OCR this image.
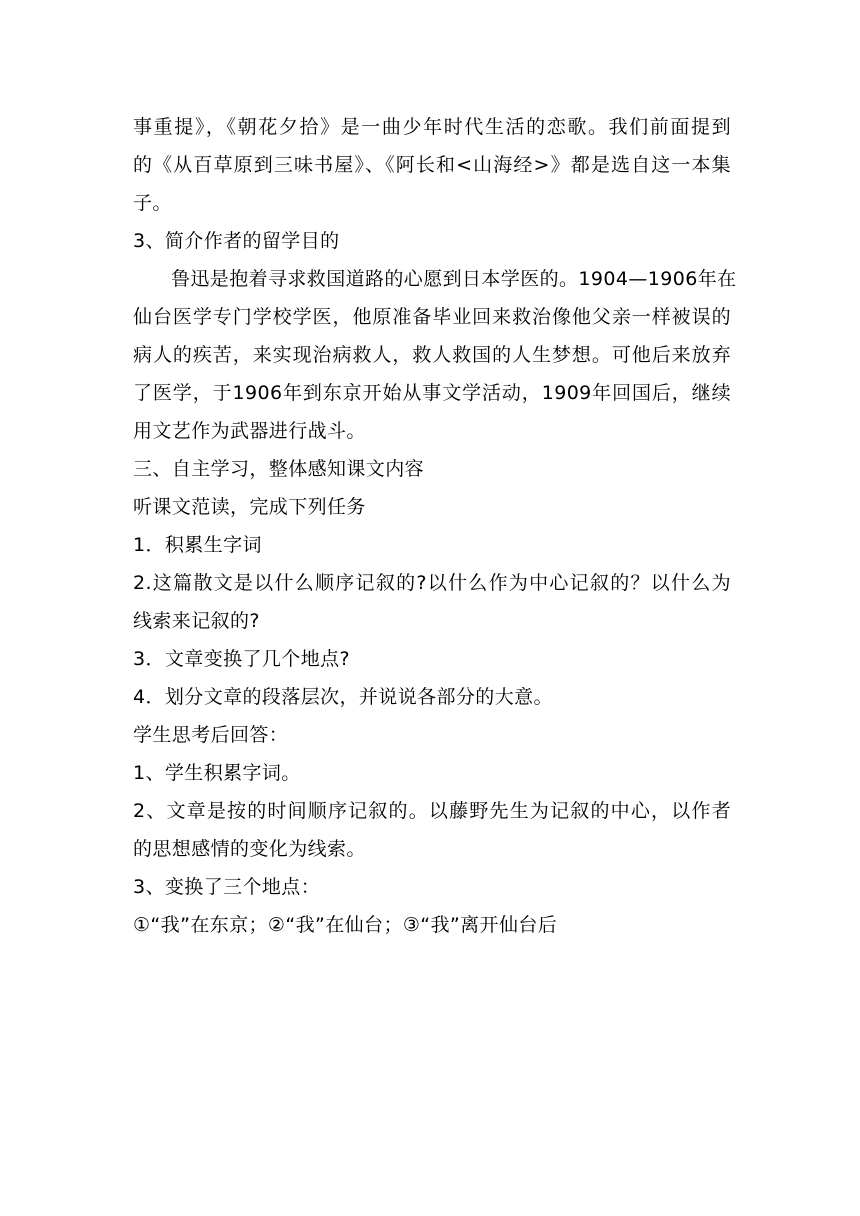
事重提》，《朝花夕拾》是一曲少年时代生活的恋歌。我们前面提到
的《从百草原到三味书屋》、《阿长和<山海经>》都是选自这一本集
子。
3、简介作者的留学目的
鲁迅是抱着寻求救国道路的心愿到日本学医的。1904—1906年在
仙台医学专门学校学医，他原准备毕业回来救治像他父亲一样被误的
病人的疾苦，来实现治病救人，救人救国的人生梦想。可他后来放弃
了医学，于1906年到东京开始从事文学活动，1909年回国后，继续
用文艺作为武器进行战斗。
三、自主学习，整体感知课文内容
听课文范读，完成下列任务
1．积累生字词
2.这篇散文是以什么顺序记叙的?以什么作为中心记叙的？以什么为
线索来记叙的?
3．文章变换了几个地点?
4．划分文章的段落层次，并说说各部分的大意。
学生思考后回答：
1、学生积累字词。
2、文章是按的时间顺序记叙的。以藤野先生为记叙的中心，以作者
的思想感情的变化为线索。
3、变换了三个地点：
①“我”在东京；②“我”在仙台；③“我”离开仙台后
